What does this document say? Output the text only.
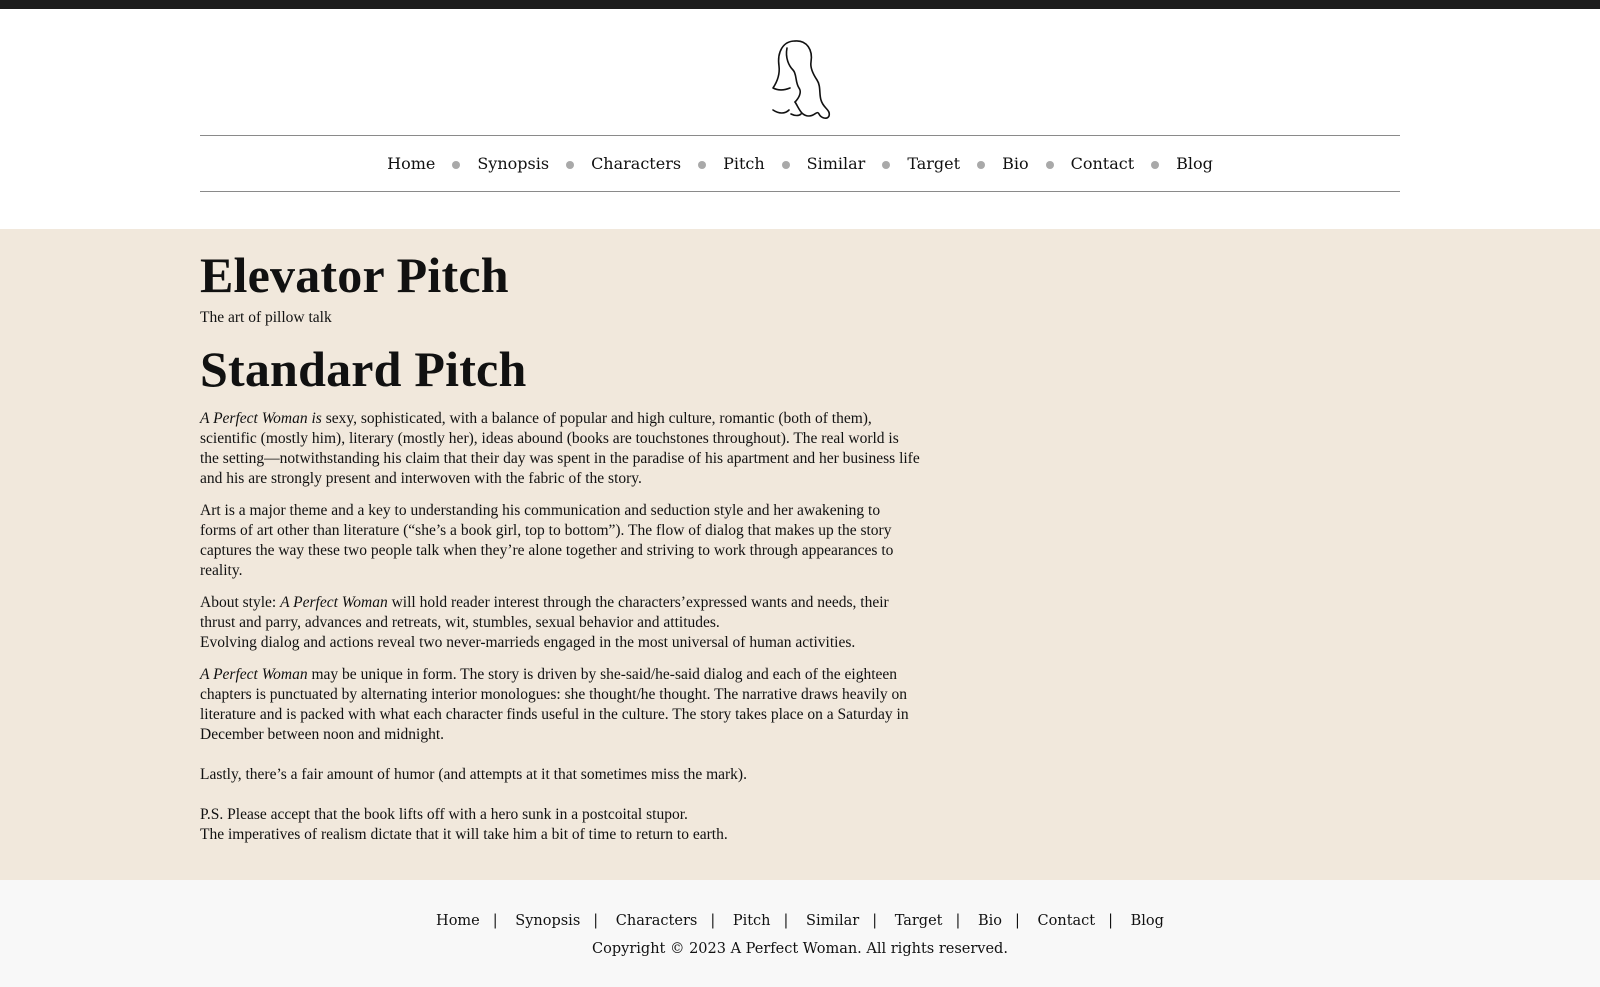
Home	Synopsis	Characters	Pitch	Similar	Target	Bio	Contact	Blog
Elevator Pitch
The art of pillow talk
Standard Pitch

A Perfect Woman is sexy, sophisticated, with a balance of popular and high culture, romantic (both of them), scientific (mostly him), literary (mostly her), ideas abound (books are touchstones throughout). The real world is the setting—notwithstanding his claim that their day was spent in the paradise of his apartment and her business life and his are strongly present and interwoven with the fabric of the story.

Art is a major theme and a key to understanding his communication and seduction style and her awakening to forms of art other than literature (“she’s a book girl, top to bottom”). The flow of dialog that makes up the story captures the way these two people talk when they’re alone together and striving to work through appearances to reality.

About style: A Perfect Woman will hold reader interest through the characters’expressed wants and needs, their thrust and parry, advances and retreats, wit, stumbles, sexual behavior and attitudes.
Evolving dialog and actions reveal two never-marrieds engaged in the most universal of human activities.

A Perfect Woman may be unique in form. The story is driven by she-said/he-said dialog and each of the eighteen chapters is punctuated by alternating interior monologues: she thought/he thought. The narrative draws heavily on literature and is packed with what each character finds useful in the culture. The story takes place on a Saturday in December between noon and midnight.

Lastly, there’s a fair amount of humor (and attempts at it that sometimes miss the mark).

P.S. Please accept that the book lifts off with a hero sunk in a postcoital stupor.
The imperatives of realism dictate that it will take him a bit of time to return to earth.

Home | Synopsis | Characters | Pitch | Similar | Target | Bio | Contact | Blog
Copyright © 2023 A Perfect Woman. All rights reserved.
